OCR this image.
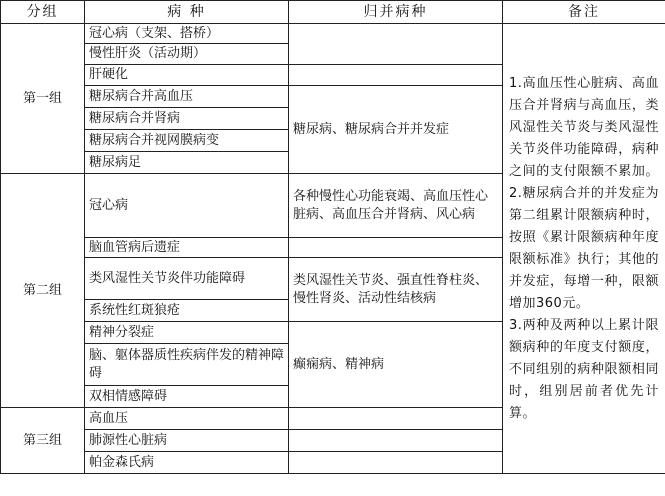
分组	病 种	归并病种	备注
第一组	冠心病（支架、搭桥）		1.高血压性心脏病、高血压合并肾病与高血压，类风湿性关节炎与类风湿性关节炎伴功能障碍，病种之间的支付限额不累加。2.糖尿病合并的并发症为第二组累计限额病种时，按照《累计限额病种年度限额标准》执行；其他的并发症，每增一种，限额增加360元。

3.两种及两种以上累计限额病种的年度支付额度，不同组别的病种限额相同时，组别居前者优先计算。

	慢性肝炎（活动期）		
	肝硬化		
	糖尿病合并高血压	糖尿病、糖尿病合并并发症	
	糖尿病合并肾病		
	糖尿病合并视网膜病变		
	糖尿病足		
第二组	冠心病	各种慢性心功能衰竭、高血压性心脏病、高血压合并肾病、风心病	
	脑血管病后遗症		
	类风湿性关节炎伴功能障碍	类风湿性关节炎、强直性脊柱炎、慢性肾炎、活动性结核病	
	系统性红斑狼疮		
	精神分裂症	癫痫病、精神病	
	脑、躯体器质性疾病伴发的精神障碍		
	双相情感障碍		
第三组	高血压		
	肺源性心脏病		
	帕金森氏病		
